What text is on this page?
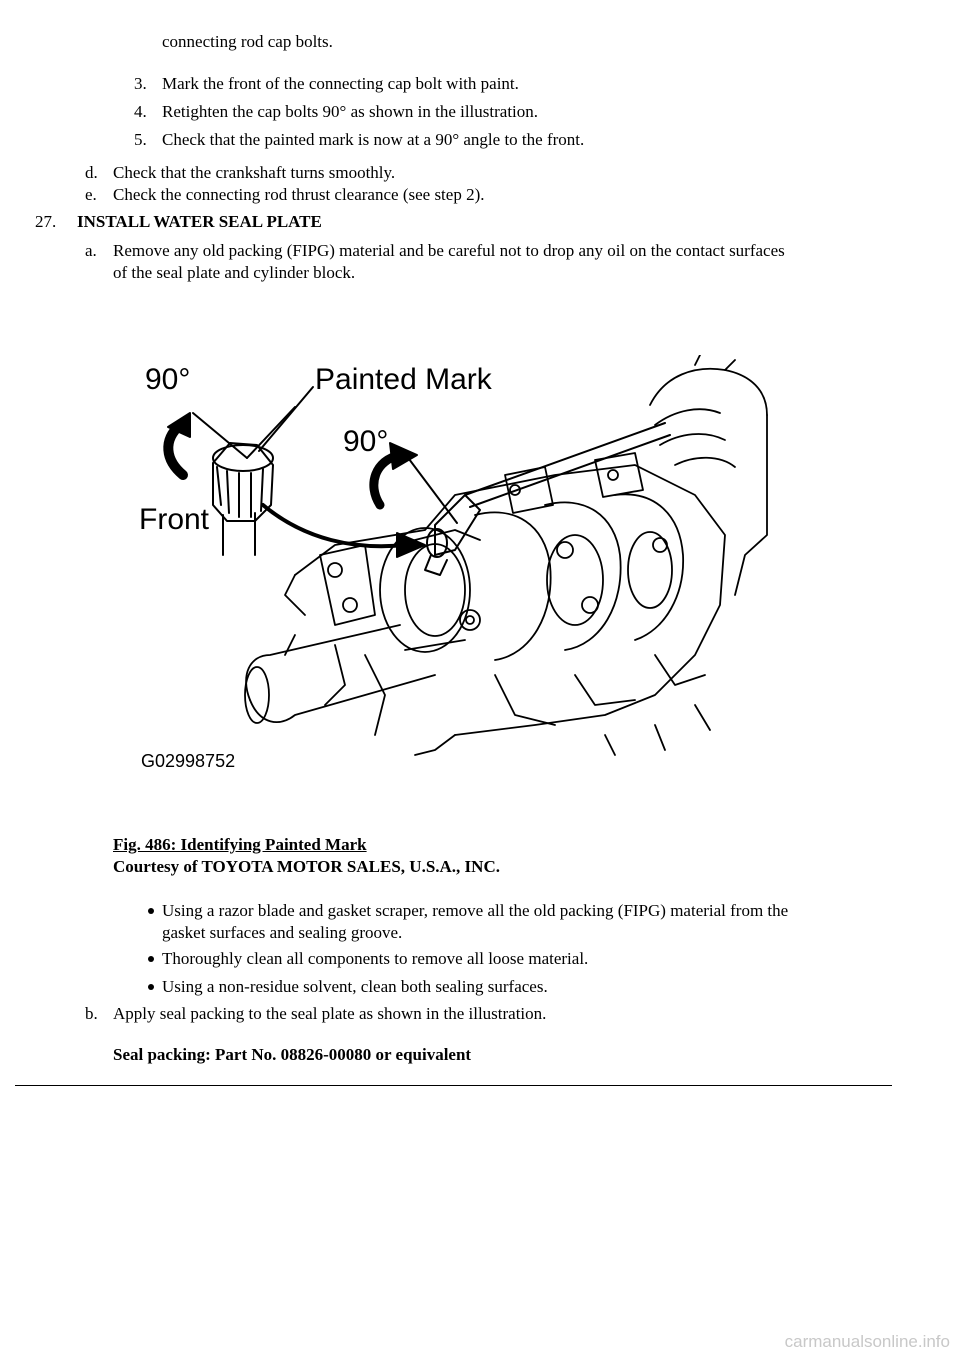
connecting rod cap bolts.
3. Mark the front of the connecting cap bolt with paint.
4. Retighten the cap bolts 90° as shown in the illustration.
5. Check that the painted mark is now at a 90° angle to the front.
d. Check that the crankshaft turns smoothly.
e. Check the connecting rod thrust clearance (see step 2).
27. INSTALL WATER SEAL PLATE
a. Remove any old packing (FIPG) material and be careful not to drop any oil on the contact surfaces
of the seal plate and cylinder block.
90°	Painted Mark
90°
Front
G02998752
Fig. 486: Identifying Painted Mark
Courtesy of TOYOTA MOTOR SALES, U.S.A., INC.
Using a razor blade and gasket scraper, remove all the old packing (FIPG) material from the
gasket surfaces and sealing groove.
Thoroughly clean all components to remove all loose material.
Using a non-residue solvent, clean both sealing surfaces.
b. Apply seal packing to the seal plate as shown in the illustration.
Seal packing: Part No. 08826-00080 or equivalent
carmanualsonline.info
